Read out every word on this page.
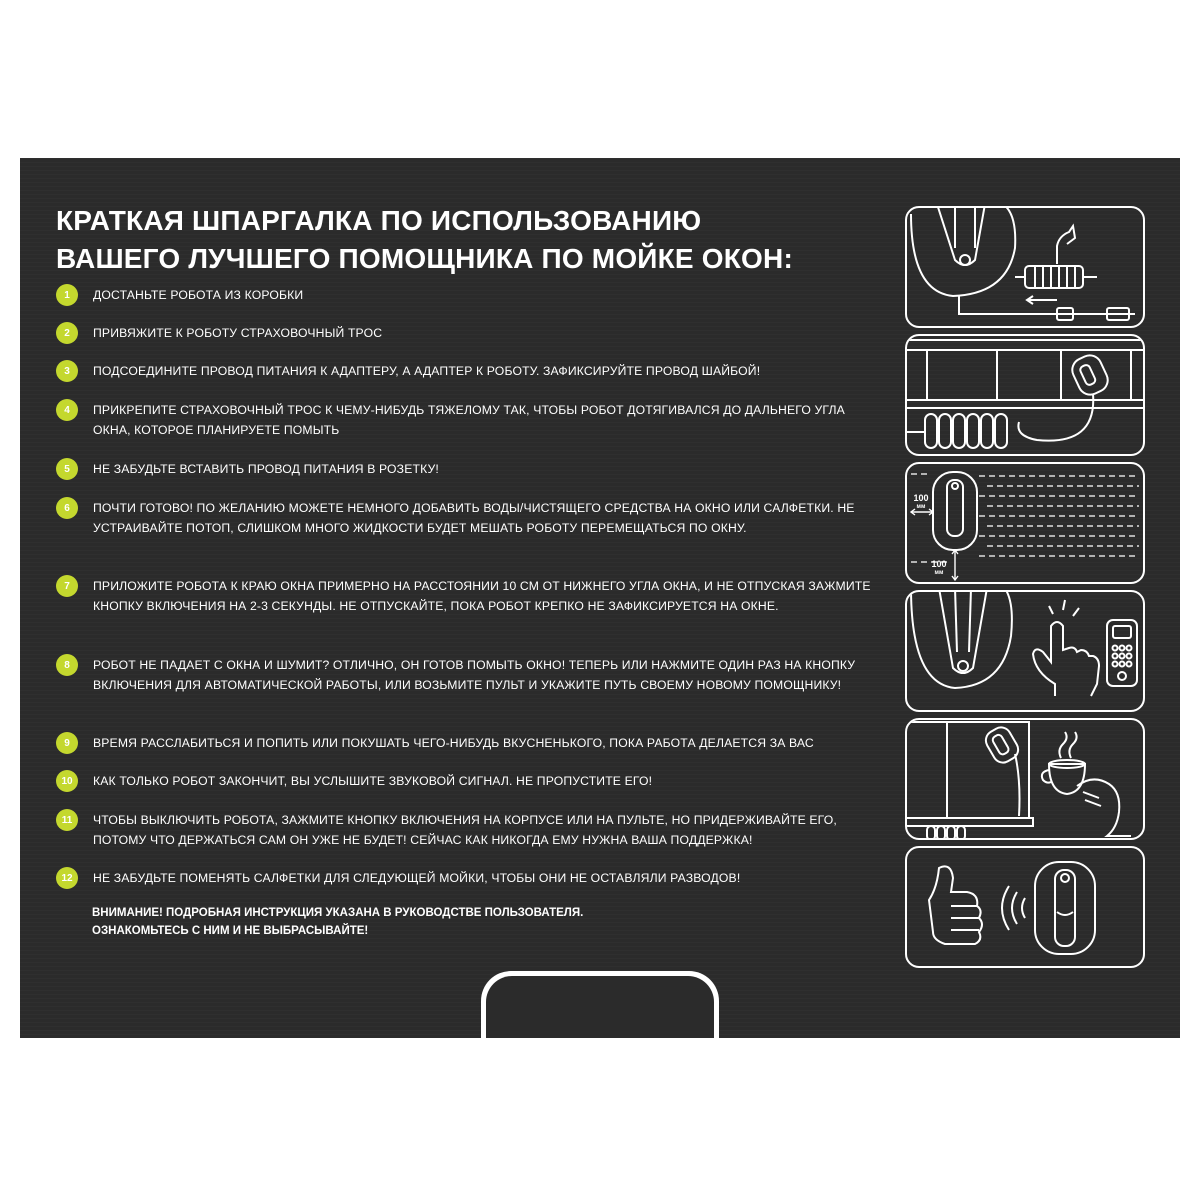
КРАТКАЯ ШПАРГАЛКА ПО ИСПОЛЬЗОВАНИЮ
ВАШЕГО ЛУЧШЕГО ПОМОЩНИКА ПО МОЙКЕ ОКОН:
1	ДОСТАНЬТЕ РОБОТА ИЗ КОРОБКИ
2	ПРИВЯЖИТЕ К РОБОТУ СТРАХОВОЧНЫЙ ТРОС
3	ПОДСОЕДИНИТЕ ПРОВОД ПИТАНИЯ К АДАПТЕРУ, А АДАПТЕР К РОБОТУ. ЗАФИКСИРУЙТЕ ПРОВОД ШАЙБОЙ!
4	ПРИКРЕПИТЕ СТРАХОВОЧНЫЙ ТРОС К ЧЕМУ-НИБУДЬ ТЯЖЕЛОМУ ТАК, ЧТОБЫ РОБОТ ДОТЯГИВАЛСЯ ДО ДАЛЬНЕГО УГЛА ОКНА, КОТОРОЕ ПЛАНИРУЕТЕ ПОМЫТЬ
5	НЕ ЗАБУДЬТЕ ВСТАВИТЬ ПРОВОД ПИТАНИЯ В РОЗЕТКУ!
6	ПОЧТИ ГОТОВО! ПО ЖЕЛАНИЮ МОЖЕТЕ НЕМНОГО ДОБАВИТЬ ВОДЫ/ЧИСТЯЩЕГО СРЕДСТВА НА ОКНО ИЛИ САЛФЕТКИ. НЕ УСТРАИВАЙТЕ ПОТОП, СЛИШКОМ МНОГО ЖИДКОСТИ БУДЕТ МЕШАТЬ РОБОТУ ПЕРЕМЕЩАТЬСЯ ПО ОКНУ.
7	ПРИЛОЖИТЕ РОБОТА К КРАЮ ОКНА ПРИМЕРНО НА РАССТОЯНИИ 10 СМ ОТ НИЖНЕГО УГЛА ОКНА, И НЕ ОТПУСКАЯ ЗАЖМИТЕ КНОПКУ ВКЛЮЧЕНИЯ НА 2-3 СЕКУНДЫ. НЕ ОТПУСКАЙТЕ, ПОКА РОБОТ КРЕПКО НЕ ЗАФИКСИРУЕТСЯ НА ОКНЕ.
8	РОБОТ НЕ ПАДАЕТ С ОКНА И ШУМИТ? ОТЛИЧНО, ОН ГОТОВ ПОМЫТЬ ОКНО! ТЕПЕРЬ ИЛИ НАЖМИТЕ ОДИН РАЗ НА КНОПКУ ВКЛЮЧЕНИЯ ДЛЯ АВТОМАТИЧЕСКОЙ РАБОТЫ, ИЛИ ВОЗЬМИТЕ ПУЛЬТ И УКАЖИТЕ ПУТЬ СВОЕМУ НОВОМУ ПОМОЩНИКУ!
9	ВРЕМЯ РАССЛАБИТЬСЯ И ПОПИТЬ ИЛИ ПОКУШАТЬ ЧЕГО-НИБУДЬ ВКУСНЕНЬКОГО, ПОКА РАБОТА ДЕЛАЕТСЯ ЗА ВАС
10	КАК ТОЛЬКО РОБОТ ЗАКОНЧИТ, ВЫ УСЛЫШИТЕ ЗВУКОВОЙ СИГНАЛ. НЕ ПРОПУСТИТЕ ЕГО!
11	ЧТОБЫ ВЫКЛЮЧИТЬ РОБОТА, ЗАЖМИТЕ КНОПКУ ВКЛЮЧЕНИЯ НА КОРПУСЕ ИЛИ НА ПУЛЬТЕ, НО ПРИДЕРЖИВАЙТЕ ЕГО, ПОТОМУ ЧТО ДЕРЖАТЬСЯ САМ ОН УЖЕ НЕ БУДЕТ! СЕЙЧАС КАК НИКОГДА ЕМУ НУЖНА ВАША ПОДДЕРЖКА!
12	НЕ ЗАБУДЬТЕ ПОМЕНЯТЬ САЛФЕТКИ ДЛЯ СЛЕДУЮЩЕЙ МОЙКИ, ЧТОБЫ ОНИ НЕ ОСТАВЛЯЛИ РАЗВОДОВ!
ВНИМАНИЕ! ПОДРОБНАЯ ИНСТРУКЦИЯ УКАЗАНА В РУКОВОДСТВЕ ПОЛЬЗОВАТЕЛЯ.
ОЗНАКОМЬТЕСЬ С НИМ И НЕ ВЫБРАСЫВАЙТЕ!
100
мм
100
мм
